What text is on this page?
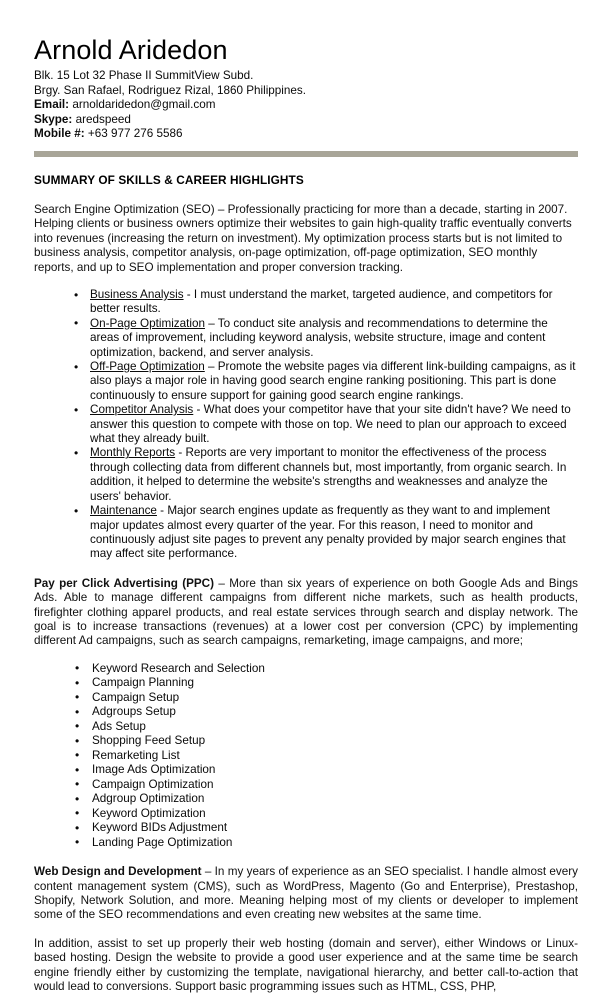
Arnold Aridedon
Blk. 15 Lot 32 Phase II SummitView Subd.
Brgy. San Rafael, Rodriguez Rizal, 1860 Philippines.
Email: arnoldaridedon@gmail.com
Skype: aredspeed
Mobile #: +63 977 276 5586
SUMMARY OF SKILLS & CAREER HIGHLIGHTS

Search Engine Optimization (SEO) – Professionally practicing for more than a decade, starting in 2007. Helping clients or business owners optimize their websites to gain high-quality traffic eventually converts into revenues (increasing the return on investment). My optimization process starts but is not limited to business analysis, competitor analysis, on-page optimization, off-page optimization, SEO monthly reports, and up to SEO implementation and proper conversion tracking.

• Business Analysis - I must understand the market, targeted audience, and competitors for better results.
• On-Page Optimization – To conduct site analysis and recommendations to determine the areas of improvement, including keyword analysis, website structure, image and content optimization, backend, and server analysis.
• Off-Page Optimization – Promote the website pages via different link-building campaigns, as it also plays a major role in having good search engine ranking positioning. This part is done continuously to ensure support for gaining good search engine rankings.
• Competitor Analysis - What does your competitor have that your site didn't have? We need to answer this question to compete with those on top. We need to plan our approach to exceed what they already built.
• Monthly Reports - Reports are very important to monitor the effectiveness of the process through collecting data from different channels but, most importantly, from organic search. In addition, it helped to determine the website's strengths and weaknesses and analyze the users' behavior.
• Maintenance - Major search engines update as frequently as they want to and implement major updates almost every quarter of the year. For this reason, I need to monitor and continuously adjust site pages to prevent any penalty provided by major search engines that may affect site performance.

Pay per Click Advertising (PPC) – More than six years of experience on both Google Ads and Bings Ads. Able to manage different campaigns from different niche markets, such as health products, firefighter clothing apparel products, and real estate services through search and display network. The goal is to increase transactions (revenues) at a lower cost per conversion (CPC) by implementing different Ad campaigns, such as search campaigns, remarketing, image campaigns, and more;

• Keyword Research and Selection
• Campaign Planning
• Campaign Setup
• Adgroups Setup
• Ads Setup
• Shopping Feed Setup
• Remarketing List
• Image Ads Optimization
• Campaign Optimization
• Adgroup Optimization
• Keyword Optimization
• Keyword BIDs Adjustment
• Landing Page Optimization

Web Design and Development – In my years of experience as an SEO specialist. I handle almost every content management system (CMS), such as WordPress, Magento (Go and Enterprise), Prestashop, Shopify, Network Solution, and more. Meaning helping most of my clients or developer to implement some of the SEO recommendations and even creating new websites at the same time.

In addition, assist to set up properly their web hosting (domain and server), either Windows or Linux-based hosting. Design the website to provide a good user experience and at the same time be search engine friendly either by customizing the template, navigational hierarchy, and better call-to-action that would lead to conversions. Support basic programming issues such as HTML, CSS, PHP,
